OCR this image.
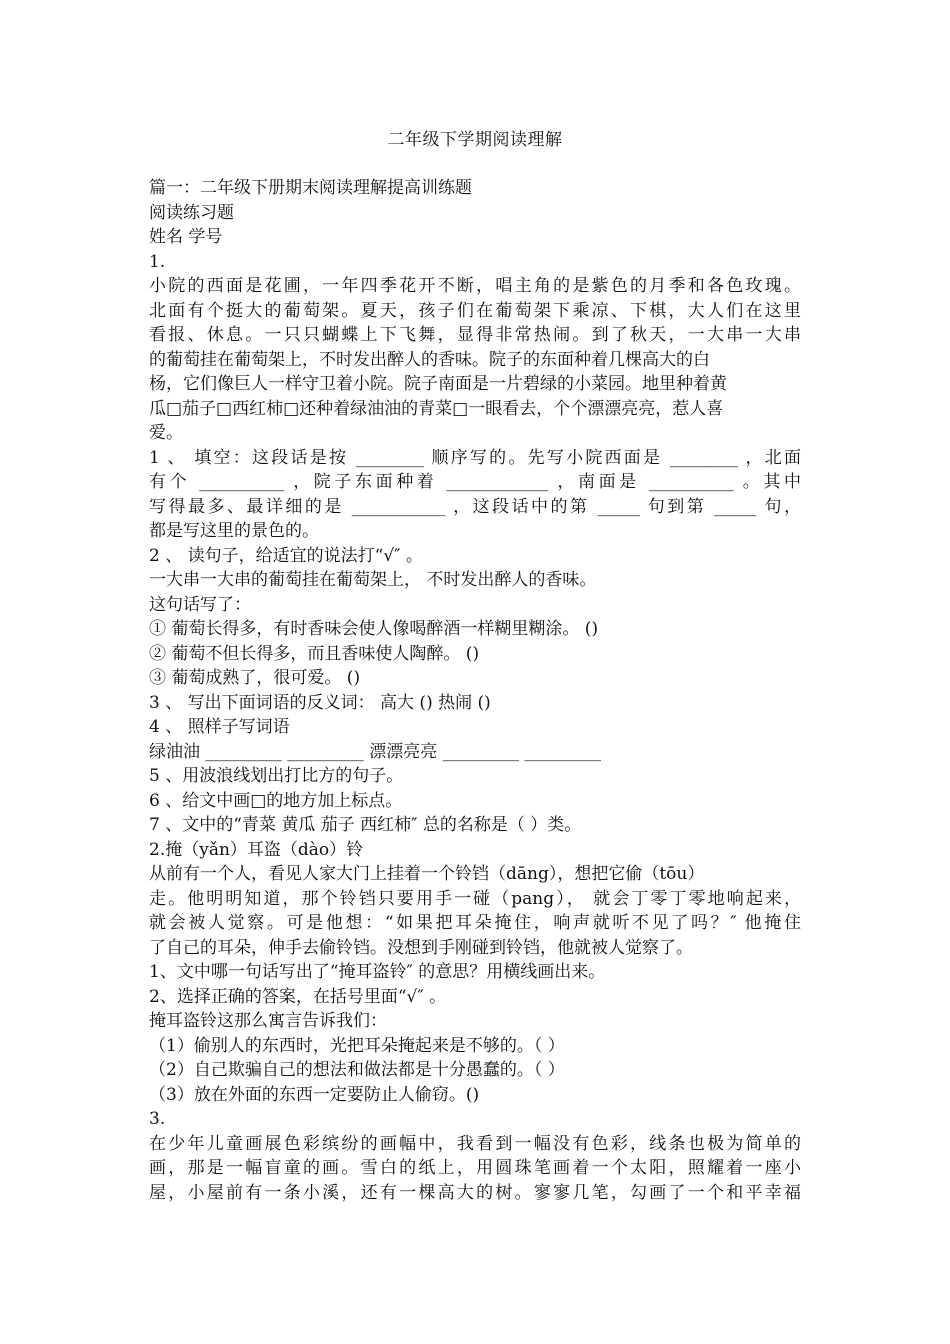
二年级下学期阅读理解
篇一：二年级下册期末阅读理解提高训练题
阅读练习题
姓名 学号
1.
小院的西面是花圃，一年四季花开不断，唱主角的是紫色的月季和各色玫瑰。
北面有个挺大的葡萄架。夏天，孩子们在葡萄架下乘凉、下棋，大人们在这里
看报、休息。一只只蝴蝶上下飞舞，显得非常热闹。到了秋天，一大串一大串
的葡萄挂在葡萄架上，不时发出醉人的香味。院子的东面种着几棵高大的白
杨，它们像巨人一样守卫着小院。院子南面是一片碧绿的小菜园。地里种着黄
瓜□茄子□西红柿□还种着绿油油的青菜□一眼看去，个个漂漂亮亮，惹人喜
爱。
1 、 填空：这段话是按 ________ 顺序写的。先写小院西面是 ________ ，北面
有个 __________ ，院子东面种着 ____________ ，南面是 __________ 。其中
写得最多、最详细的是 ___________ ，这段话中的第 _____ 句到第 _____ 句，
都是写这里的景色的。
2 、 读句子，给适宜的说法打“√″ 。
一大串一大串的葡萄挂在葡萄架上， 不时发出醉人的香味。
这句话写了：
① 葡萄长得多，有时香味会使人像喝醉酒一样糊里糊涂。 ()
② 葡萄不但长得多，而且香味使人陶醉。 ()
③ 葡萄成熟了，很可爱。 ()
3 、 写出下面词语的反义词： 高大 () 热闹 ()
4 、 照样子写词语
绿油油 _________ _________ 漂漂亮亮 _________ _________
5 、用波浪线划出打比方的句子。
6 、给文中画□的地方加上标点。
7 、文中的“青菜 黄瓜 茄子 西红柿″ 总的名称是（ ）类。
2.掩（yǎn）耳盗（dào）铃
从前有一个人，看见人家大门上挂着一个铃铛（dāng），想把它偷（tōu）
走。他明明知道，那个铃铛只要用手一碰（pang）， 就会丁零丁零地响起来，
就会被人觉察。可是他想：“如果把耳朵掩住，响声就听不见了吗？″ 他掩住
了自己的耳朵，伸手去偷铃铛。没想到手刚碰到铃铛，他就被人觉察了。
1、文中哪一句话写出了“掩耳盗铃″ 的意思？用横线画出来。
2、选择正确的答案，在括号里面“√″ 。
掩耳盗铃这那么寓言告诉我们：
（1）偷别人的东西时，光把耳朵掩起来是不够的。（ ）
（2）自己欺骗自己的想法和做法都是十分愚蠢的。（ ）
（3）放在外面的东西一定要防止人偷窃。()
3.
在少年儿童画展色彩缤纷的画幅中，我看到一幅没有色彩，线条也极为简单的
画，那是一幅盲童的画。雪白的纸上，用圆珠笔画着一个太阳，照耀着一座小
屋，小屋前有一条小溪，还有一棵高大的树。寥寥几笔，勾画了一个和平幸福
